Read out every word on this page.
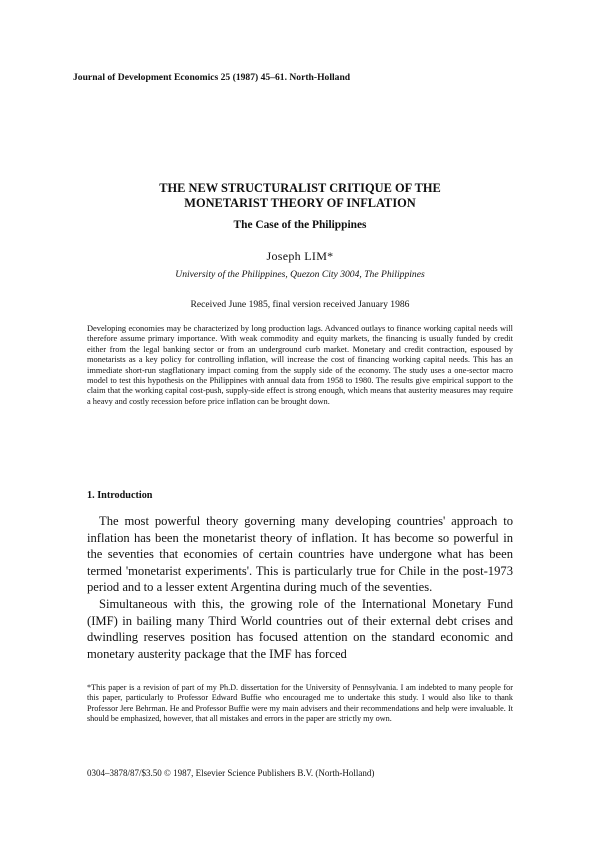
Journal of Development Economics 25 (1987) 45–61. North-Holland
THE NEW STRUCTURALIST CRITIQUE OF THE
MONETARIST THEORY OF INFLATION
The Case of the Philippines
Joseph LIM*
University of the Philippines, Quezon City 3004, The Philippines
Received June 1985, final version received January 1986

Developing economies may be characterized by long production lags. Advanced outlays to finance working capital needs will therefore assume primary importance. With weak commodity and equity markets, the financing is usually funded by credit either from the legal banking sector or from an underground curb market. Monetary and credit contraction, espoused by monetarists as a key policy for controlling inflation, will increase the cost of financing working capital needs. This has an immediate short-run stagflationary impact coming from the supply side of the economy. The study uses a one-sector macro model to test this hypothesis on the Philippines with annual data from 1958 to 1980. The results give empirical support to the claim that the working capital cost-push, supply-side effect is strong enough, which means that austerity measures may require a heavy and costly recession before price inflation can be brought down.

1. Introduction

The most powerful theory governing many developing countries' approach to inflation has been the monetarist theory of inflation. It has become so powerful in the seventies that economies of certain countries have undergone what has been termed 'monetarist experiments'. This is particularly true for Chile in the post-1973 period and to a lesser extent Argentina during much of the seventies.

Simultaneous with this, the growing role of the International Monetary Fund (IMF) in bailing many Third World countries out of their external debt crises and dwindling reserves position has focused attention on the standard economic and monetary austerity package that the IMF has forced

*This paper is a revision of part of my Ph.D. dissertation for the University of Pennsylvania. I am indebted to many people for this paper, particularly to Professor Edward Buffie who encouraged me to undertake this study. I would also like to thank Professor Jere Behrman. He and Professor Buffie were my main advisers and their recommendations and help were invaluable. It should be emphasized, however, that all mistakes and errors in the paper are strictly my own.

0304–3878/87/$3.50 © 1987, Elsevier Science Publishers B.V. (North-Holland)
